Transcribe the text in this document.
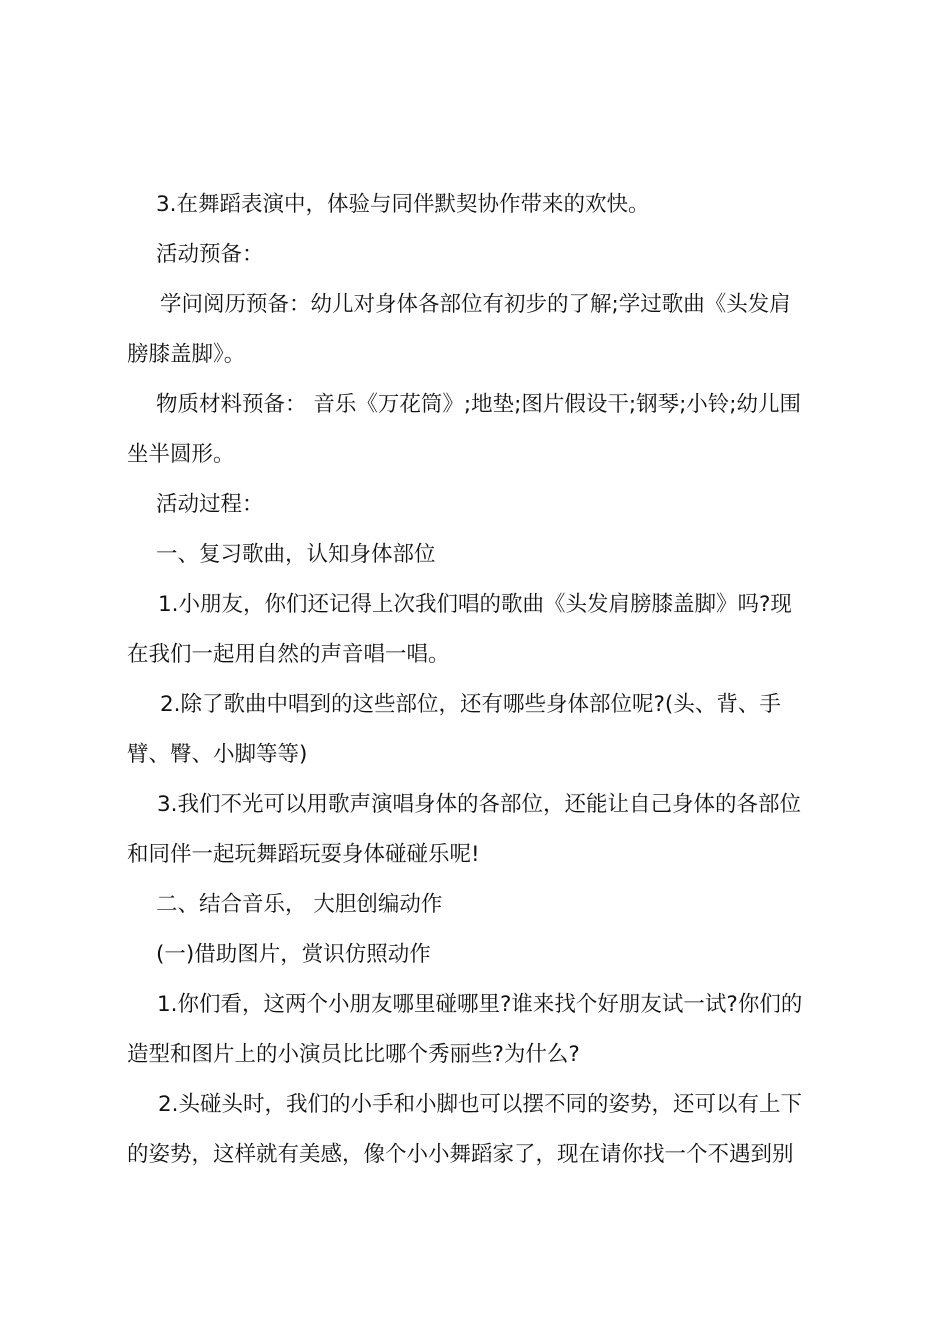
3.在舞蹈表演中，体验与同伴默契协作带来的欢快。
活动预备：
学问阅历预备：幼儿对身体各部位有初步的了解;学过歌曲《头发肩
膀膝盖脚》。
物质材料预备： 音乐《万花筒》;地垫;图片假设干;钢琴;小铃;幼儿围
坐半圆形。
活动过程：
一、复习歌曲，认知身体部位
1.小朋友，你们还记得上次我们唱的歌曲《头发肩膀膝盖脚》吗?现
在我们一起用自然的声音唱一唱。
2.除了歌曲中唱到的这些部位，还有哪些身体部位呢?(头、背、手
臂、臀、小脚等等)
3.我们不光可以用歌声演唱身体的各部位，还能让自己身体的各部位
和同伴一起玩舞蹈玩耍身体碰碰乐呢!
二、结合音乐， 大胆创编动作
(一)借助图片，赏识仿照动作
1.你们看，这两个小朋友哪里碰哪里?谁来找个好朋友试一试?你们的
造型和图片上的小演员比比哪个秀丽些?为什么?
2.头碰头时，我们的小手和小脚也可以摆不同的姿势，还可以有上下
的姿势，这样就有美感，像个小小舞蹈家了，现在请你找一个不遇到别
